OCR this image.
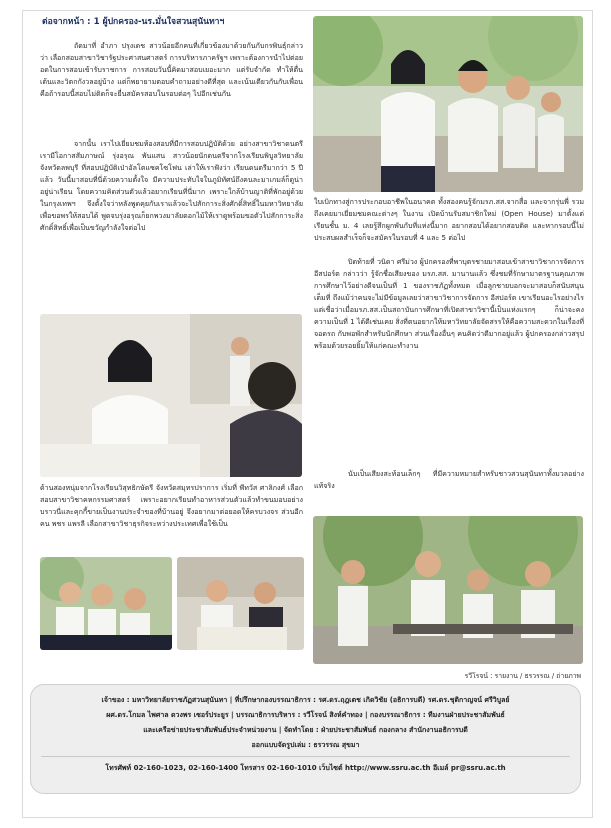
ต่อจากหน้า : 1 ผู้ปกครอง-นร.มั่นใจสวนสุนันทาฯ

ถัดมาที่ อำภา ปรุงเดช สาวน้อยอีกคนที่เกี่ยวข้องมาด้วยกันกับกรพินธุ์กล่าวว่า เลือกสอบสาขาวิชารัฐประศาสนศาสตร์ การบริหารภาครัฐฯ เพราะต้องการนำไปต่อยอดในการสอบเข้ารับราชการ การสอบวันนี้คิดมาสอบเยอะมาก แต่รับจำกัด ทำให้ตื่นเต้นและวิตกกังวลอยู่บ้าง แต่ก็พยายามตอบคำถามอย่างดีที่สุด และเน้นเตียวกันกับเพื่อน คือถ้ารอบนี้สอบไม่ติดก็จะยื่นสมัครสอบในรอบต่อๆ ไปอีกเช่นกัน

จากนั้น เราไปเยี่ยมชมห้องสอบที่มีการสอบปฏิบัติด้วย อย่างสาขาวิชาดนตรี เรามีโอกาสสัมภาษณ์ รุ่งอรุณ พันแสน สาวน้อยนักดนตรีจากโรงเรียนพิบูลวิทยาลัย จังหวัดลพบุรี ที่สอบปฏิบัติเป่าอัลโตแซคโซโฟน เล่าให้เราฟังว่า เรียนดนตรีมากว่า 5 ปีแล้ว วันนี้มาสอบที่นี่ด้วยความตั้งใจ มีความประทับใจในภูมิทัศน์ถึงคนละมาเกมล์ก็ดูน่าอยู่น่าเรียน โดยความคิดส่วนตัวแล้วอยากเรียนที่นี่มาก เพราะใกล้บ้านญาติที่พักอยู่ด้วยในกรุงเทพฯ จึงตั้งใจว่าหลังพูดคุยกับเราแล้วจะไปสักการะสิ่งศักดิ์สิทธิ์ในมหาวิทยาลัยเพื่อขอพรให้สอบได้ พูดจบรุ่งอรุณก็ยกพวงมาลัยดอกไม้ให้เราดูพร้อมขอตัวไปสักการะสิ่งศักดิ์สิทธิ์เพื่อเป็นขวัญกำลังใจต่อไป

ใบเบิกทางสู่การประกอบอาชีพในอนาคต ทั้งสองคนรู้จักมรภ.สส.จากสื่อ และจากรุ่นพี่ รวมถึงเคยมาเยี่ยมชมคณะต่างๆ ในงาน เปิดบ้านรับสมาชิกใหม่ (Open House) มาตั้งแต่เรียนชั้น ม. 4 เลยรู้สึกผูกพันกับที่แห่งนี้มาก อยากสอบได้อยากสอบติด และหากรอบนี้ไม่ประสบผลสำเร็จก็จะสมัครในรอบที่ 4 และ 5 ต่อไป

ปิดท้ายที่ วนิดา ศรีม่วง ผู้ปกครองที่พาบุตรชายมาสอบเข้าสาขาวิชาการจัดการอีสปอร์ต กล่าวว่า รู้จักชื่อเสียงของ มรภ.สส. มานานแล้ว ซึ่งชมที่รักษามาตรฐานคุณภาพการศึกษาไว้อย่างดีจนเป็นที่ 1 ของราชภัฏทั้งหมด เมื่อลูกชายบอกจะมาสอบก็สนับสนุนเต็มที่ ถึงแม้ว่าคนจะไม่มีข้อมูลเลยว่าสาขาวิชาการจัดการ อีสปอร์ต เขาเรียนอะไรอย่างไร แต่เชื่อว่าเมื่อมรภ.สส.เป็นสถาบันการศึกษาที่เปิดสาขาวิชานี้เป็นแห่งแรกๆ ก็น่าจะคงความเป็นที่ 1 ได้ดีเช่นเคย สิ่งที่ตนอยากให้มหาวิทยาลัยจัดสรรให้คือความสะดวกในเรื่องที่จอดรถ กับพอพักสำหรับนักศึกษา ส่วนเรื่องอื่นๆ คนคิดว่าดีมากอยู่แล้ว ผู้ปกครองกล่าวสรุปพร้อมด้วยรอยยิ้มให้แก่คณะทำงาน

นับเป็นเสียงสะท้อนเล็กๆ ที่มีความหมายสำหรับชาวสวนสุนันทาทั้งมวลอย่างแท้จริง

ด้านสองหนุ่มจากโรงเรียนวิสุทธิกษัตรี จังหวัดสมุทรปราการ เริ่มที่ พีทวัส ศาลิกงศ์ เลือกสอบสาขาวิชาคหกรรมศาสตร์ เพราะอยากเรียนทำอาหารส่วนตัวแล้วทำขนมอบอย่างบราวนี่และคุกกี้ขายเป็นงานประจำของที่บ้านอยู่ จึงอยากมาต่อยอดให้ครบวงจร ส่วนอีกคน พชร แพรลี เลือกสาขาวิชาธุรกิจระหว่างประเทศเพื่อใช้เป็น

รวีโรจน์ : รายงาน / ธรวรรณ / ถ่ายภาพ
เจ้าของ : มหาวิทยาลัยราชภัฏสวนสุนันทา | ที่ปรึกษากองบรรณาธิการ : รศ.ดร.ฤฎเตช เกิดวิชัย (อธิการบดี) รศ.ดร.ชุติกาญจน์ ศรีวิบูลย์
ผศ.ดร.โกมล ไพศาล ดวงพร เซอร์ประยูร | บรรณาธิการบริหาร : รวีโรจน์ สิงห์คำทอง | กองบรรณาธิการ : ทีมงานฝ่ายประชาสัมพันธ์
และเครือข่ายประชาสัมพันธ์ประจำหน่วยงาน | จัดทำโดย : ฝ่ายประชาสัมพันธ์ กองกลาง สำนักงานอธิการบดี
ออกแบบจัดรูปเล่ม : ธรวรรณ สุขมา
โทรศัพท์ 02-160-1023, 02-160-1400 โทรสาร 02-160-1010 เว็บไซต์ http://www.ssru.ac.th อีเมล์ pr@ssru.ac.th
